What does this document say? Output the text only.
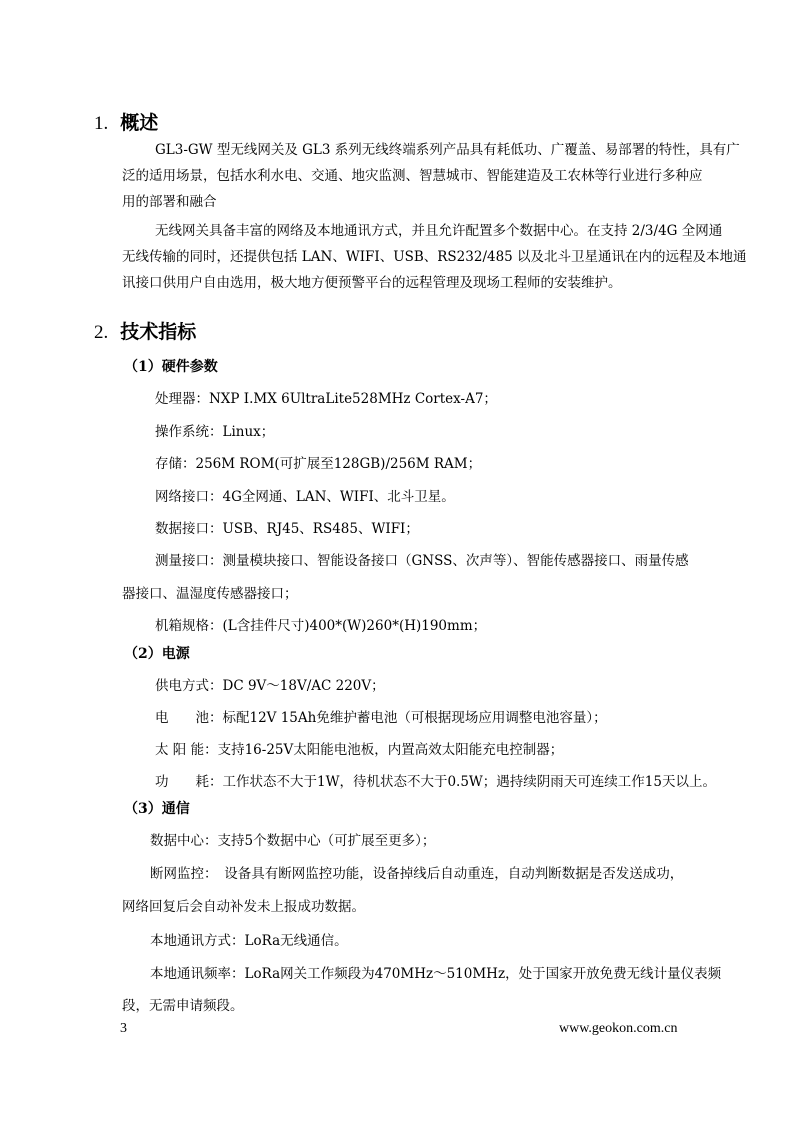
1. 概述
GL3-GW 型无线网关及 GL3 系列无线终端系列产品具有耗低功、广覆盖、易部署的特性，具有广
泛的适用场景，包括水利水电、交通、地灾监测、智慧城市、智能建造及工农林等行业进行多种应
用的部署和融合
无线网关具备丰富的网络及本地通讯方式，并且允许配置多个数据中心。在支持 2/3/4G 全网通
无线传输的同时，还提供包括 LAN、WIFI、USB、RS232/485 以及北斗卫星通讯在内的远程及本地通
讯接口供用户自由选用，极大地方便预警平台的远程管理及现场工程师的安装维护。
2. 技术指标
（1）硬件参数
处理器：NXP I.MX 6UltraLite528MHz Cortex-A7；
操作系统：Linux；
存储：256M ROM(可扩展至128GB)/256M RAM；
网络接口：4G全网通、LAN、WIFI、北斗卫星。
数据接口：USB、RJ45、RS485、WIFI；
测量接口：测量模块接口、智能设备接口（GNSS、次声等）、智能传感器接口、雨量传感
器接口、温湿度传感器接口；
机箱规格：(L含挂件尺寸)400*(W)260*(H)190mm；
（2）电源
供电方式：DC 9V～18V/AC 220V；
电　　池：标配12V 15Ah免维护蓄电池（可根据现场应用调整电池容量）；
太 阳 能：支持16-25V太阳能电池板，内置高效太阳能充电控制器；
功　　耗：工作状态不大于1W，待机状态不大于0.5W；遇持续阴雨天可连续工作15天以上。
（3）通信
数据中心：支持5个数据中心（可扩展至更多）；
断网监控：　设备具有断网监控功能，设备掉线后自动重连，自动判断数据是否发送成功，
网络回复后会自动补发未上报成功数据。
本地通讯方式：LoRa无线通信。
本地通讯频率：LoRa网关工作频段为470MHz～510MHz，处于国家开放免费无线计量仪表频
段，无需申请频段。
3	www.geokon.com.cn
